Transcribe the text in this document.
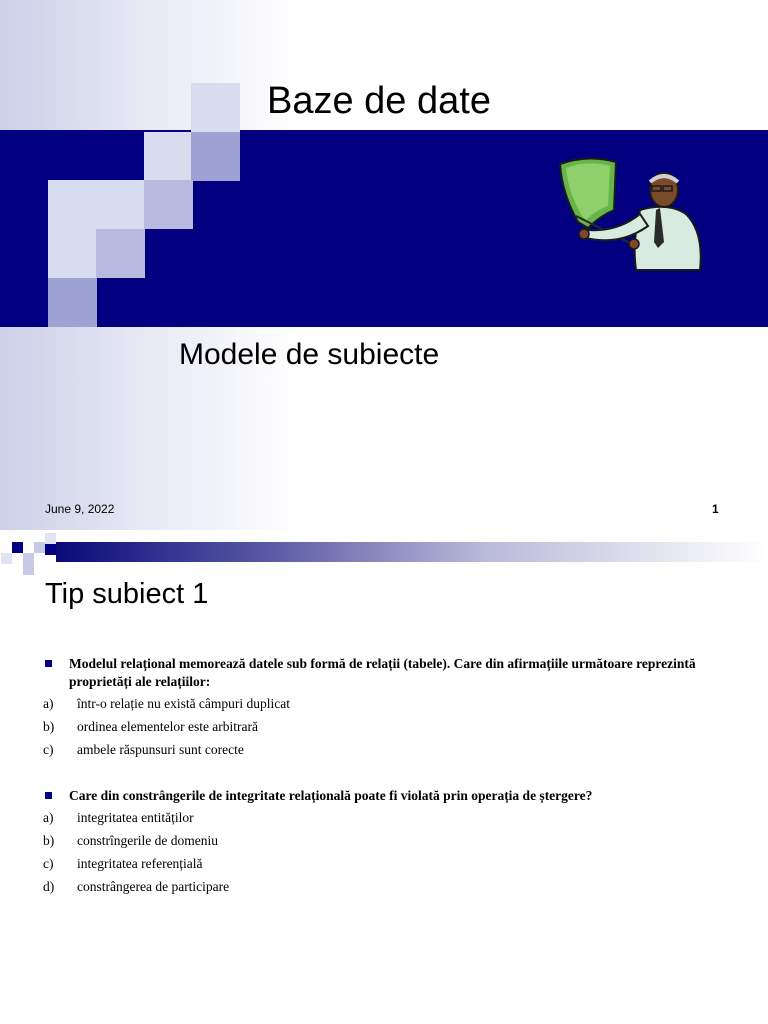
Baze de date
Modele de subiecte
June 9, 2022	1
Tip subiect 1
Modelul relațional memorează datele sub formă de relații (tabele). Care din afirmațiile următoare reprezintă proprietăți ale relațiilor:
a)	într-o relație nu există câmpuri duplicat
b)	ordinea elementelor este arbitrară
c)	ambele răspunsuri sunt corecte
Care din constrângerile de integritate relațională poate fi violată prin operația de ștergere?
a)	integritatea entităților
b)	constrîngerile de domeniu
c)	integritatea referențială
d)	constrângerea de participare
